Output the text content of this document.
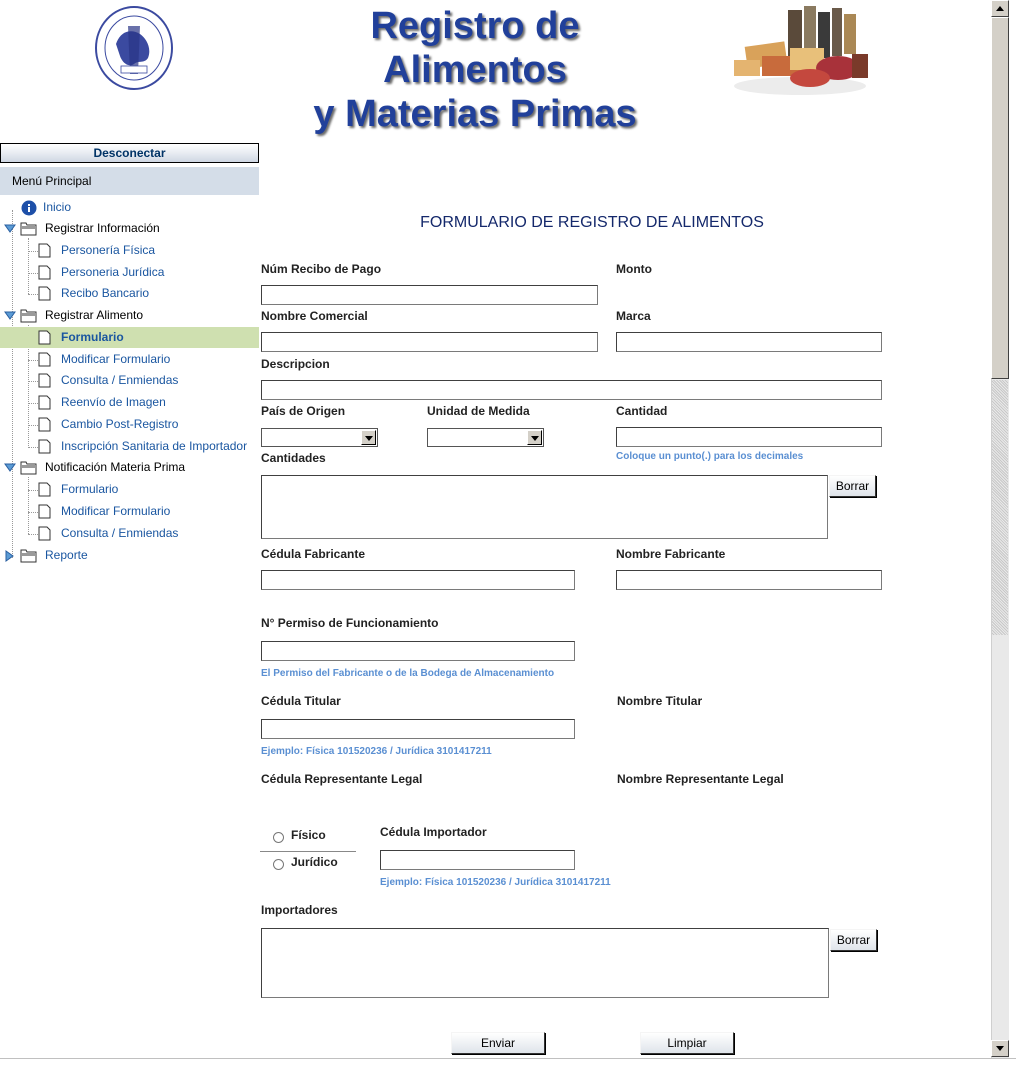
Registro de Alimentos
y Materias Primas
Desconectar
Menú Principal
Inicio
Registrar Información
Personería Física
Personeria Jurídica
Recibo Bancario
Registrar Alimento
Formulario
Modificar Formulario
Consulta / Enmiendas
Reenvío de Imagen
Cambio Post-Registro
Inscripción Sanitaria de Importador
Notificación Materia Prima
Formulario
Modificar Formulario
Consulta / Enmiendas
Reporte
FORMULARIO DE REGISTRO DE ALIMENTOS
Núm Recibo de Pago	Monto
Nombre Comercial	Marca
Descripcion
País de Origen	Unidad de Medida	Cantidad
Coloque un punto(.) para los decimales
Cantidades
Borrar
Cédula Fabricante	Nombre Fabricante
N° Permiso de Funcionamiento
El Permiso del Fabricante o de la Bodega de Almacenamiento
Cédula Titular	Nombre Titular
Ejemplo: Física 101520236 / Jurídica 3101417211
Cédula Representante Legal	Nombre Representante Legal
Físico
Jurídico
Cédula Importador
Ejemplo: Física 101520236 / Jurídica 3101417211
Importadores
Borrar
Enviar	Limpiar
